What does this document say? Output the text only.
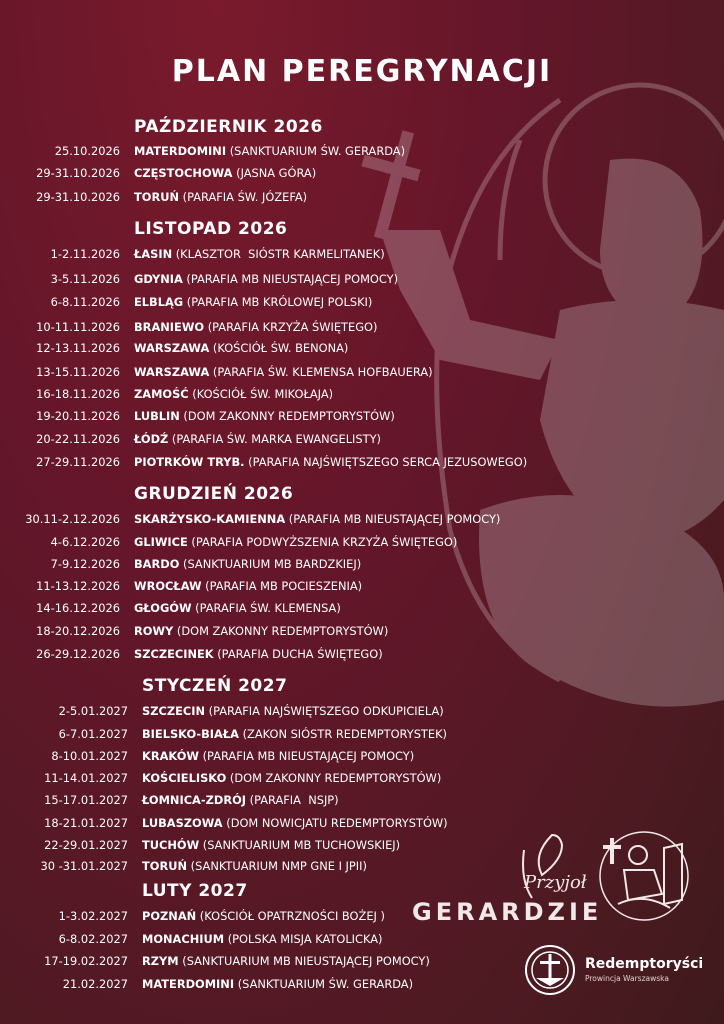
PLAN PEREGRYNACJI
PAŹDZIERNIK 2026
25.10.2026 MATERDOMINI (SANKTUARIUM ŚW. GERARDA)
29-31.10.2026 CZĘSTOCHOWA (JASNA GÓRA)
29-31.10.2026 TORUŃ (PARAFIA ŚW. JÓZEFA)
LISTOPAD 2026
1-2.11.2026 ŁASIN (KLASZTOR  SIÓSTR KARMELITANEK)
3-5.11.2026 GDYNIA (PARAFIA MB NIEUSTAJĄCEJ POMOCY)
6-8.11.2026 ELBLĄG (PARAFIA MB KRÓLOWEJ POLSKI)
10-11.11.2026 BRANIEWO (PARAFIA KRZYŻA ŚWIĘTEGO)
12-13.11.2026 WARSZAWA (KOŚCIÓŁ ŚW. BENONA)
13-15.11.2026 WARSZAWA (PARAFIA ŚW. KLEMENSA HOFBAUERA)
16-18.11.2026 ZAMOŚĆ (KOŚCIÓŁ ŚW. MIKOŁAJA)
19-20.11.2026 LUBLIN (DOM ZAKONNY REDEMPTORYSTÓW)
20-22.11.2026 ŁÓDŹ (PARAFIA ŚW. MARKA EWANGELISTY)
27-29.11.2026 PIOTRKÓW TRYB. (PARAFIA NAJŚWIĘTSZEGO SERCA JEZUSOWEGO)
GRUDZIEŃ 2026
30.11-2.12.2026 SKARŻYSKO-KAMIENNA (PARAFIA MB NIEUSTAJĄCEJ POMOCY)
4-6.12.2026 GLIWICE (PARAFIA PODWYŻSZENIA KRZYŻA ŚWIĘTEGO)
7-9.12.2026 BARDO (SANKTUARIUM MB BARDZKIEJ)
11-13.12.2026 WROCŁAW (PARAFIA MB POCIESZENIA)
14-16.12.2026 GŁOGÓW (PARAFIA ŚW. KLEMENSA)
18-20.12.2026 ROWY (DOM ZAKONNY REDEMPTORYSTÓW)
26-29.12.2026 SZCZECINEK (PARAFIA DUCHA ŚWIĘTEGO)
STYCZEŃ 2027
2-5.01.2027 SZCZECIN (PARAFIA NAJŚWIĘTSZEGO ODKUPICIELA)
6-7.01.2027 BIELSKO-BIAŁA (ZAKON SIÓSTR REDEMPTORYSTEK)
8-10.01.2027 KRAKÓW (PARAFIA MB NIEUSTAJĄCEJ POMOCY)
11-14.01.2027 KOŚCIELISKO (DOM ZAKONNY REDEMPTORYSTÓW)
15-17.01.2027 ŁOMNICA-ZDRÓJ (PARAFIA  NSJP)
18-21.01.2027 LUBASZOWA (DOM NOWICJATU REDEMPTORYSTÓW)
22-29.01.2027 TUCHÓW (SANKTUARIUM MB TUCHOWSKIEJ)
30 -31.01.2027 TORUŃ (SANKTUARIUM NMP GNE I JPII)
LUTY 2027
1-3.02.2027 POZNAŃ (KOŚCIÓŁ OPATRZNOŚCI BOŻEJ )
6-8.02.2027 MONACHIUM (POLSKA MISJA KATOLICKA)
17-19.02.2027 RZYM (SANKTUARIUM MB NIEUSTAJĄCEJ POMOCY)
21.02.2027 MATERDOMINI (SANKTUARIUM ŚW. GERARDA)
Przyjoł
GERARDZIE
Redemptoryści
Prowincja Warszawska
